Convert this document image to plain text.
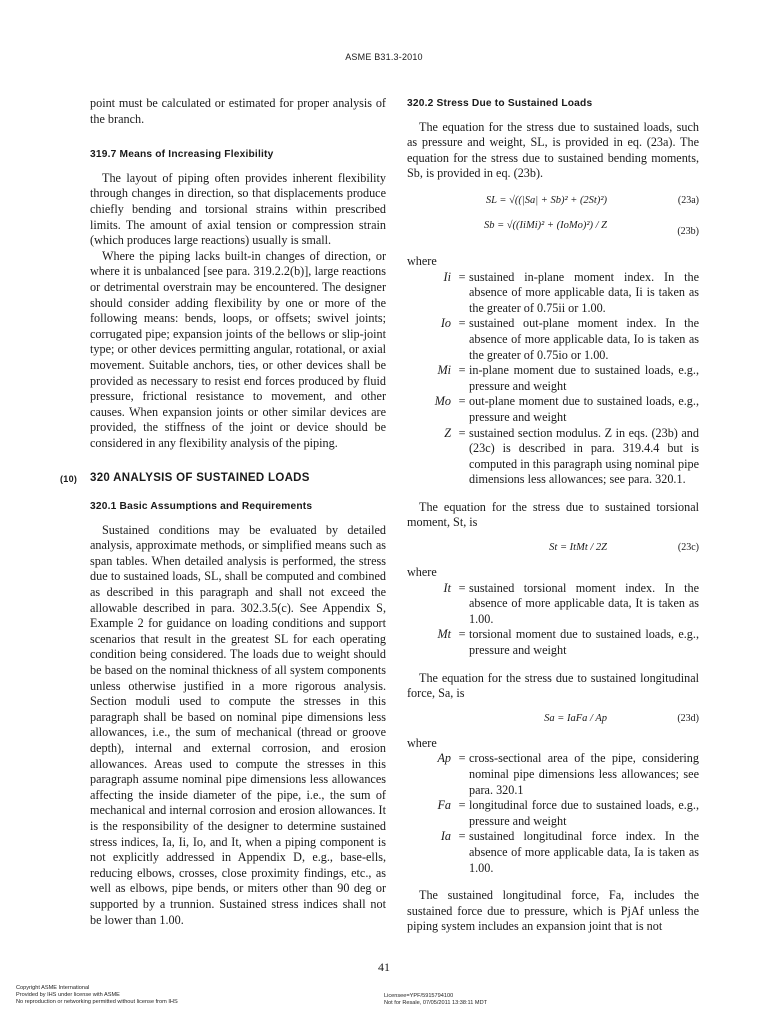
ASME B31.3-2010

point must be calculated or estimated for proper analysis of the branch.

319.7 Means of Increasing Flexibility

The layout of piping often provides inherent flexibility through changes in direction, so that displacements produce chiefly bending and torsional strains within prescribed limits. The amount of axial tension or compression strain (which produces large reactions) usually is small.

Where the piping lacks built-in changes of direction, or where it is unbalanced [see para. 319.2.2(b)], large reactions or detrimental overstrain may be encountered. The designer should consider adding flexibility by one or more of the following means: bends, loops, or offsets; swivel joints; corrugated pipe; expansion joints of the bellows or slip-joint type; or other devices permitting angular, rotational, or axial movement. Suitable anchors, ties, or other devices shall be provided as necessary to resist end forces produced by fluid pressure, frictional resistance to movement, and other causes. When expansion joints or other similar devices are provided, the stiffness of the joint or device should be considered in any flexibility analysis of the piping.

(10) 320 ANALYSIS OF SUSTAINED LOADS
320.1 Basic Assumptions and Requirements

Sustained conditions may be evaluated by detailed analysis, approximate methods, or simplified means such as span tables. When detailed analysis is performed, the stress due to sustained loads, SL, shall be computed and combined as described in this paragraph and shall not exceed the allowable described in para. 302.3.5(c). See Appendix S, Example 2 for guidance on loading conditions and support scenarios that result in the greatest SL for each operating condition being considered. The loads due to weight should be based on the nominal thickness of all system components unless otherwise justified in a more rigorous analysis. Section moduli used to compute the stresses in this paragraph shall be based on nominal pipe dimensions less allowances, i.e., the sum of mechanical (thread or groove depth), internal and external corrosion, and erosion allowances. Areas used to compute the stresses in this paragraph assume nominal pipe dimensions less allowances affecting the inside diameter of the pipe, i.e., the sum of mechanical and internal corrosion and erosion allowances. It is the responsibility of the designer to determine sustained stress indices, Ia, Ii, Io, and It, when a piping component is not explicitly addressed in Appendix D, e.g., base-ells, reducing elbows, crosses, close proximity findings, etc., as well as elbows, pipe bends, or miters other than 90 deg or supported by a trunnion. Sustained stress indices shall not be lower than 1.00.

320.2 Stress Due to Sustained Loads

The equation for the stress due to sustained loads, such as pressure and weight, SL, is provided in eq. (23a). The equation for the stress due to sustained bending moments, Sb, is provided in eq. (23b).

SL = √((|Sa| + Sb)² + (2St)²)	(23a)
Sb = √((IiMi)² + (IoMo)²) / Z
(23b)

where

Ii = sustained in-plane moment index. In the absence of more applicable data, Ii is taken as the greater of 0.75ii or 1.00.
Io = sustained out-plane moment index. In the absence of more applicable data, Io is taken as the greater of 0.75io or 1.00.
Mi = in-plane moment due to sustained loads, e.g., pressure and weight
Mo = out-plane moment due to sustained loads, e.g., pressure and weight
Z = sustained section modulus. Z in eqs. (23b) and (23c) is described in para. 319.4.4 but is computed in this paragraph using nominal pipe dimensions less allowances; see para. 320.1.

The equation for the stress due to sustained torsional moment, St, is

St = ItMt / 2Z	(23c)

where

It = sustained torsional moment index. In the absence of more applicable data, It is taken as 1.00.
Mt = torsional moment due to sustained loads, e.g., pressure and weight

The equation for the stress due to sustained longitudinal force, Sa, is

Sa = IaFa / Ap	(23d)

where

Ap = cross-sectional area of the pipe, considering nominal pipe dimensions less allowances; see para. 320.1
Fa = longitudinal force due to sustained loads, e.g., pressure and weight
Ia = sustained longitudinal force index. In the absence of more applicable data, Ia is taken as 1.00.

The sustained longitudinal force, Fa, includes the sustained force due to pressure, which is PjAf unless the piping system includes an expansion joint that is not

41
Copyright ASME International
Provided by IHS under license with ASME
No reproduction or networking permitted without license from IHS
Licensee=YPF/5915794100
Not for Resale, 07/05/2011 13:38:11 MDT
